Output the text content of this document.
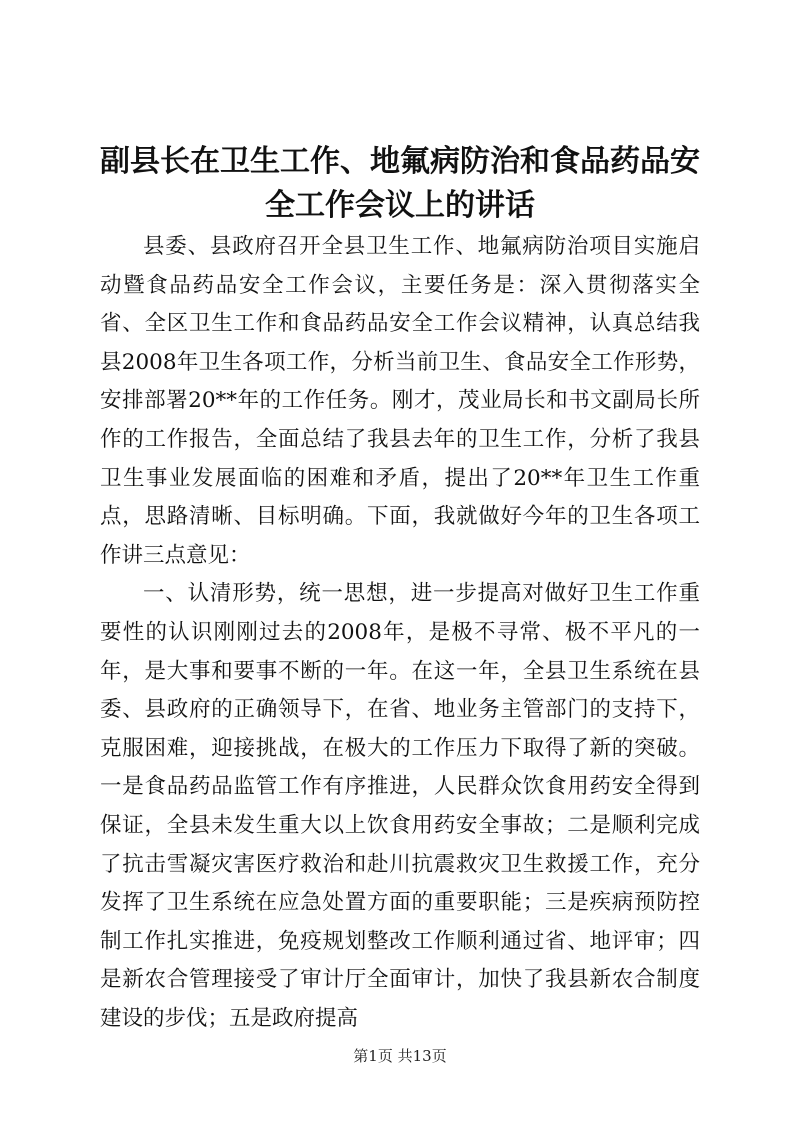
副县长在卫生工作、地氟病防治和食品药品安全工作会议上的讲话

县委、县政府召开全县卫生工作、地氟病防治项目实施启动暨食品药品安全工作会议，主要任务是：深入贯彻落实全省、全区卫生工作和食品药品安全工作会议精神，认真总结我县2008年卫生各项工作，分析当前卫生、食品安全工作形势，安排部署20**年的工作任务。刚才，茂业局长和书文副局长所作的工作报告，全面总结了我县去年的卫生工作，分析了我县卫生事业发展面临的困难和矛盾，提出了20**年卫生工作重点，思路清晰、目标明确。下面，我就做好今年的卫生各项工作讲三点意见：

一、认清形势，统一思想，进一步提高对做好卫生工作重要性的认识刚刚过去的2008年，是极不寻常、极不平凡的一年，是大事和要事不断的一年。在这一年，全县卫生系统在县委、县政府的正确领导下，在省、地业务主管部门的支持下，克服困难，迎接挑战，在极大的工作压力下取得了新的突破。一是食品药品监管工作有序推进，人民群众饮食用药安全得到保证，全县未发生重大以上饮食用药安全事故；二是顺利完成了抗击雪凝灾害医疗救治和赴川抗震救灾卫生救援工作，充分发挥了卫生系统在应急处置方面的重要职能；三是疾病预防控制工作扎实推进，免疫规划整改工作顺利通过省、地评审；四是新农合管理接受了审计厅全面审计，加快了我县新农合制度建设的步伐；五是政府提高

第1页 共13页
